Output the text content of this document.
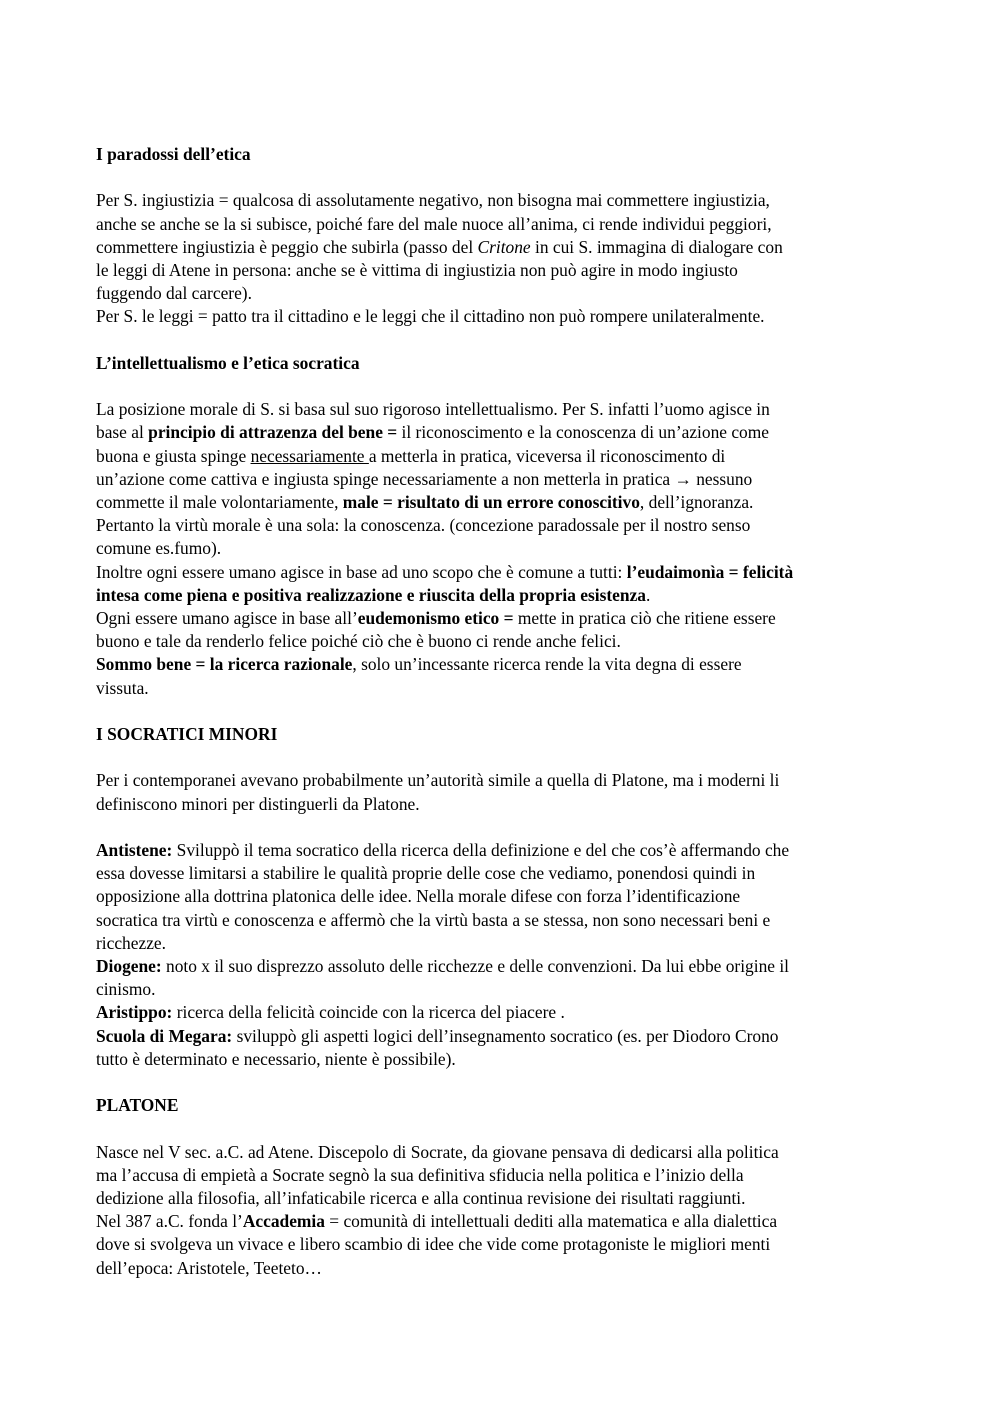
I paradossi dell’etica

Per S. ingiustizia = qualcosa di assolutamente negativo, non bisogna mai commettere ingiustizia,

anche se anche se la si subisce, poiché fare del male nuoce all’anima, ci rende individui peggiori,

commettere ingiustizia è peggio che subirla (passo del Critone in cui S. immagina di dialogare con

le leggi di Atene in persona: anche se è vittima di ingiustizia non può agire in modo ingiusto

fuggendo dal carcere).

Per S. le leggi = patto tra il cittadino e le leggi che il cittadino non può rompere unilateralmente.

L’intellettualismo e l’etica socratica

La posizione morale di S. si basa sul suo rigoroso intellettualismo. Per S. infatti l’uomo agisce in

base al principio di attrazenza del bene = il riconoscimento e la conoscenza di un’azione come

buona e giusta spinge necessariamente a metterla in pratica, viceversa il riconoscimento di

un’azione come cattiva e ingiusta spinge necessariamente a non metterla in pratica → nessuno

commette il male volontariamente, male = risultato di un errore conoscitivo, dell’ignoranza.

Pertanto la virtù morale è una sola: la conoscenza. (concezione paradossale per il nostro senso

comune es.fumo).

Inoltre ogni essere umano agisce in base ad uno scopo che è comune a tutti: l’eudaimonìa = felicità

intesa come piena e positiva realizzazione e riuscita della propria esistenza.

Ogni essere umano agisce in base all’eudemonismo etico = mette in pratica ciò che ritiene essere

buono e tale da renderlo felice poiché ciò che è buono ci rende anche felici.

Sommo bene = la ricerca razionale, solo un’incessante ricerca rende la vita degna di essere

vissuta.

I SOCRATICI MINORI

Per i contemporanei avevano probabilmente un’autorità simile a quella di Platone, ma i moderni li

definiscono minori per distinguerli da Platone.

Antistene: Sviluppò il tema socratico della ricerca della definizione e del che cos’è affermando che

essa dovesse limitarsi a stabilire le qualità proprie delle cose che vediamo, ponendosi quindi in

opposizione alla dottrina platonica delle idee. Nella morale difese con forza l’identificazione

socratica tra virtù e conoscenza e affermò che la virtù basta a se stessa, non sono necessari beni e

ricchezze.

Diogene: noto x il suo disprezzo assoluto delle ricchezze e delle convenzioni. Da lui ebbe origine il

cinismo.

Aristippo: ricerca della felicità coincide con la ricerca del piacere .

Scuola di Megara: sviluppò gli aspetti logici dell’insegnamento socratico (es. per Diodoro Crono

tutto è determinato e necessario, niente è possibile).

PLATONE

Nasce nel V sec. a.C. ad Atene. Discepolo di Socrate, da giovane pensava di dedicarsi alla politica

ma l’accusa di empietà a Socrate segnò la sua definitiva sfiducia nella politica e l’inizio della

dedizione alla filosofia, all’infaticabile ricerca e alla continua revisione dei risultati raggiunti.

Nel 387 a.C. fonda l’Accademia = comunità di intellettuali dediti alla matematica e alla dialettica

dove si svolgeva un vivace e libero scambio di idee che vide come protagoniste le migliori menti

dell’epoca: Aristotele, Teeteto…
